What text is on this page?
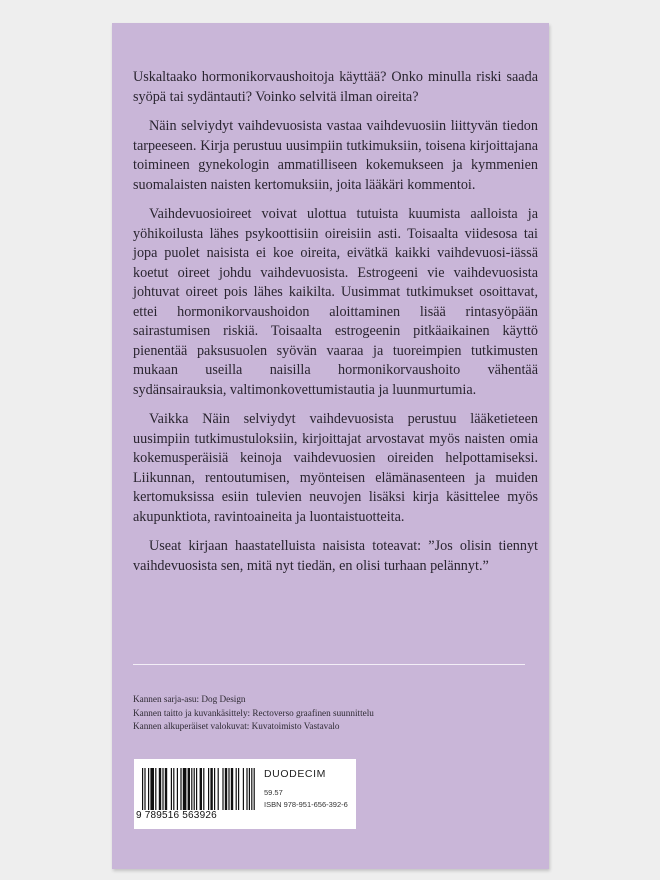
Uskaltaako hormonikorvaushoitoja käyttää? Onko minulla riski saada syöpä tai sydäntauti? Voinko selvitä ilman oireita?

Näin selviydyt vaihdevuosista vastaa vaihdevuosiin liittyvän tiedon tarpeeseen. Kirja perustuu uusimpiin tutkimuksiin, toisena kirjoittajana toimineen gynekologin ammatilliseen kokemukseen ja kymmenien suomalaisten naisten kertomuksiin, joita lääkäri kommentoi.

Vaihdevuosioireet voivat ulottua tutuista kuumista aalloista ja yöhikoilusta lähes psykoottisiin oireisiin asti. Toisaalta viidesosa tai jopa puolet naisista ei koe oireita, eivätkä kaikki vaihdevuosi-iässä koetut oireet johdu vaihdevuosista. Estrogeeni vie vaihdevuosista johtuvat oireet pois lähes kaikilta. Uusimmat tutkimukset osoittavat, ettei hormonikorvaushoidon aloittaminen lisää rintasyöpään sairastumisen riskiä. Toisaalta estrogeenin pitkäaikainen käyttö pienentää paksusuolen syövän vaaraa ja tuoreimpien tutkimusten mukaan useilla naisilla hormonikorvaushoito vähentää sydänsairauksia, valtimonkovettumistautia ja luunmurtumia.

Vaikka Näin selviydyt vaihdevuosista perustuu lääketieteen uusimpiin tutkimustuloksiin, kirjoittajat arvostavat myös naisten omia kokemusperäisiä keinoja vaihdevuosien oireiden helpottamiseksi. Liikunnan, rentoutumisen, myönteisen elämänasenteen ja muiden kertomuksissa esiin tulevien neuvojen lisäksi kirja käsittelee myös akupunktiota, ravintoaineita ja luontaistuotteita.

Useat kirjaan haastatelluista naisista toteavat: ”Jos olisin tiennyt vaihdevuosista sen, mitä nyt tiedän, en olisi turhaan pelännyt.”

Kannen sarja-asu: Dog Design
Kannen taitto ja kuvankäsittely: Rectoverso graafinen suunnittelu
Kannen alkuperäiset valokuvat: Kuvatoimisto Vastavalo
9 789516 563926
DUODECIM
59.57
ISBN 978-951-656-392-6
